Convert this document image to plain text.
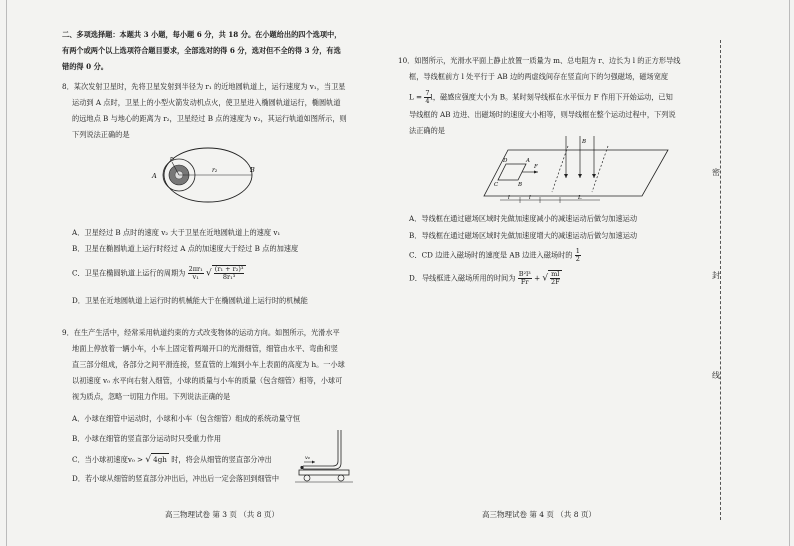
二、多项选择题：本题共 3 小题，每小题 6 分，共 18 分。在小题给出的四个选项中，
有两个或两个以上选项符合题目要求，全部选对的得 6 分，选对但不全的得 3 分，有选
错的得 0 分。
8．某次发射卫星时，先将卫星发射到半径为 r₁ 的近地圆轨道上，运行速度为 v₁，当卫星
运动到 A 点时，卫星上的小型火箭发动机点火，使卫星进入椭圆轨道运行，椭圆轨道
的远地点 B 与地心的距离为 r₂，卫星经过 B 点的速度为 v₂，其运行轨道如图所示，则
下列说法正确的是
A
B
r₁
r₂
A．卫星经过 B 点时的速度 v₂ 大于卫星在近地圆轨道上的速度 v₁
B．卫星在椭圆轨道上运行时经过 A 点的加速度大于经过 B 点的加速度
C．卫星在椭圆轨道上运行的周期为 $\frac{\text{2πr₁}}{\text{v₁}}$ √ $\frac{\text{(r₁ + r₂)³}}{\text{8r₁³}}$
D．卫星在近地圆轨道上运行时的机械能大于在椭圆轨道上运行时的机械能
9．在生产生活中，经常采用轨道约束的方式改变物体的运动方向。如图所示，光滑水平
地面上停放着一辆小车，小车上固定着两端开口的光滑细管，细管由水平、弯曲和竖
直三部分组成，各部分之间平滑连接，竖直管的上端到小车上表面的高度为 h。一小球
以初速度 v₀ 水平向右射入细管，小球的质量与小车的质量（包含细管）相等，小球可
视为质点，忽略一切阻力作用。下列说法正确的是
A．小球在细管中运动时，小球和小车（包含细管）组成的系统动量守恒
B．小球在细管的竖直部分运动时只受重力作用
C．当小球初速度v₀ > √ 4gh 时，将会从细管的竖直部分冲出
D．若小球从细管的竖直部分冲出后，冲出后一定会落回到细管中
v₀
高三物理试卷 第 3 页 （共 8 页）
10．如图所示，光滑水平面上静止放置一质量为 m、总电阻为 r、边长为 l 的正方形导线
框，导线框前方 l 处平行于 AB 边的两虚线间存在竖直向下的匀强磁场，磁场宽度
$L = \frac{7}{4}$ l，磁感应强度大小为 B。某时刻导线框在水平恒力 F 作用下开始运动，已知
导线框的 AB 边进、出磁场时的速度大小相等，则导线框在整个运动过程中，下列说
法正确的是
D	A
C	B
F
B
l	l	L
A．导线框在通过磁场区域时先做加速度减小的减速运动后做匀加速运动
B．导线框在通过磁场区域时先做加速度增大的减速运动后做匀加速运动
C．CD 边进入磁场时的速度是 AB 边进入磁场时的 $\frac{1}{2}$
D．导线框进入磁场所用的时间为 $\frac{\text{B²l³}}{Fr}$ + √ $\frac{ml}{2F}$
高三物理试卷 第 4 页 （共 8 页）
密
封
线
